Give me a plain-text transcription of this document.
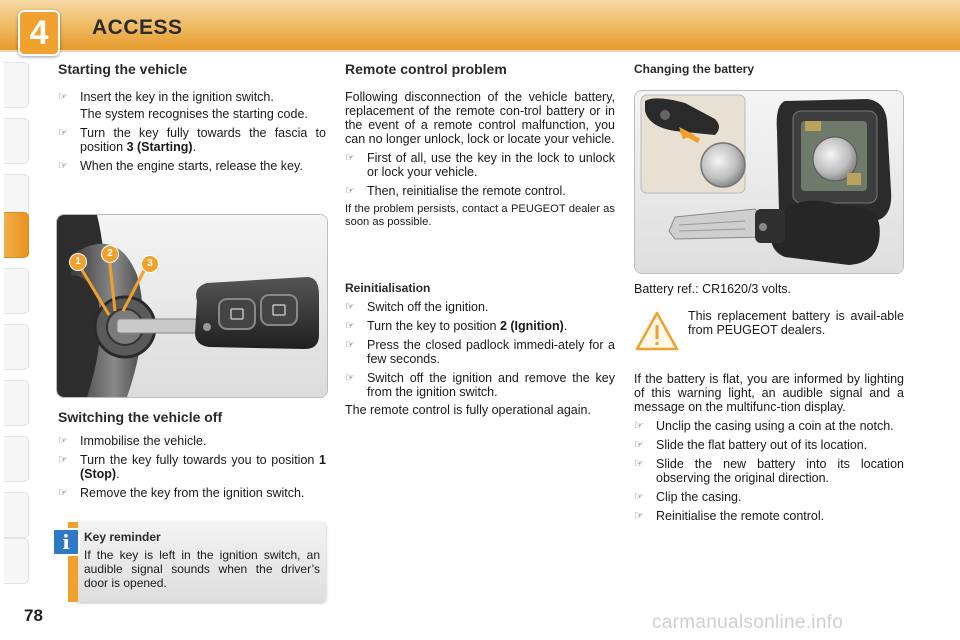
4	ACCESS

Starting the vehicle

☞ Insert the key in the ignition switch.
The system recognises the starting code.
☞ Turn the key fully towards the fascia to position 3 (Starting).
☞ When the engine starts, release the key.
1
2
3

Switching the vehicle off

☞ Immobilise the vehicle.
☞ Turn the key fully towards you to position 1 (Stop).
☞ Remove the key from the ignition switch.
Key reminder
If the key is left in the ignition switch, an audible signal sounds when the driver’s door is opened.
i

Remote control problem

Following disconnection of the vehicle battery, replacement of the remote con-trol battery or in the event of a remote control malfunction, you can no longer unlock, lock or locate your vehicle.

☞ First of all, use the key in the lock to unlock or lock your vehicle.
☞ Then, reinitialise the remote control.

If the problem persists, contact a PEUGEOT dealer as soon as possible.

Reinitialisation

☞ Switch off the ignition.
☞ Turn the key to position 2 (Ignition).
☞ Press the closed padlock immedi-ately for a few seconds.
☞ Switch off the ignition and remove the key from the ignition switch.

The remote control is fully operational again.

Changing the battery

Battery ref.: CR1620/3 volts.

This replacement battery is avail-able from PEUGEOT dealers.

If the battery is flat, you are informed by lighting of this warning light, an audible signal and a message on the multifunc-tion display.

☞ Unclip the casing using a coin at the notch.
☞ Slide the flat battery out of its location.
☞ Slide the new battery into its location observing the original direction.
☞ Clip the casing.
☞ Reinitialise the remote control.
78	carmanualsonline.info
